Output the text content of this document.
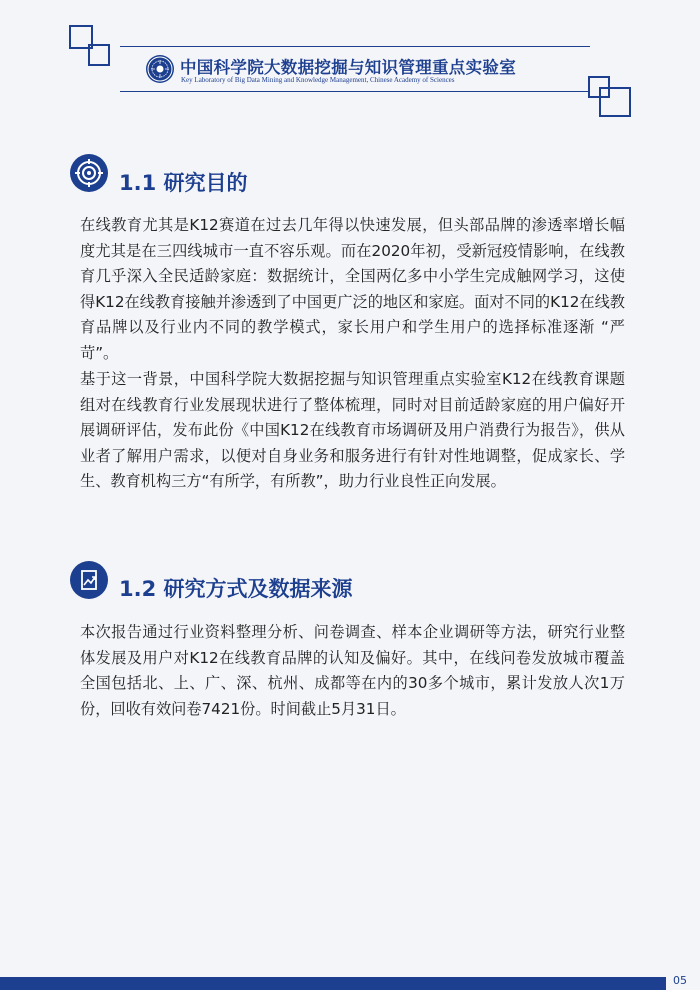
中国科学院大数据挖掘与知识管理重点实验室
Key Laboratory of Big Data Mining and Knowledge Management, Chinese Academy of Sciences
1.1 研究目的

在线教育尤其是K12赛道在过去几年得以快速发展，但头部品牌的渗透率增长幅度尤其是在三四线城市一直不容乐观。而在2020年初，受新冠疫情影响，在线教育几乎深入全民适龄家庭：数据统计，全国两亿多中小学生完成触网学习，这使得K12在线教育接触并渗透到了中国更广泛的地区和家庭。面对不同的K12在线教育品牌以及行业内不同的教学模式，家长用户和学生用户的选择标准逐渐 “严苛”。

基于这一背景，中国科学院大数据挖掘与知识管理重点实验室K12在线教育课题组对在线教育行业发展现状进行了整体梳理，同时对目前适龄家庭的用户偏好开展调研评估，发布此份《中国K12在线教育市场调研及用户消费行为报告》，供从业者了解用户需求，以便对自身业务和服务进行有针对性地调整，促成家长、学生、教育机构三方“有所学，有所教”，助力行业良性正向发展。

1.2 研究方式及数据来源

本次报告通过行业资料整理分析、问卷调查、样本企业调研等方法，研究行业整体发展及用户对K12在线教育品牌的认知及偏好。其中，在线问卷发放城市覆盖全国包括北、上、广、深、杭州、成都等在内的30多个城市，累计发放人次1万份，回收有效问卷7421份。时间截止5月31日。

05
